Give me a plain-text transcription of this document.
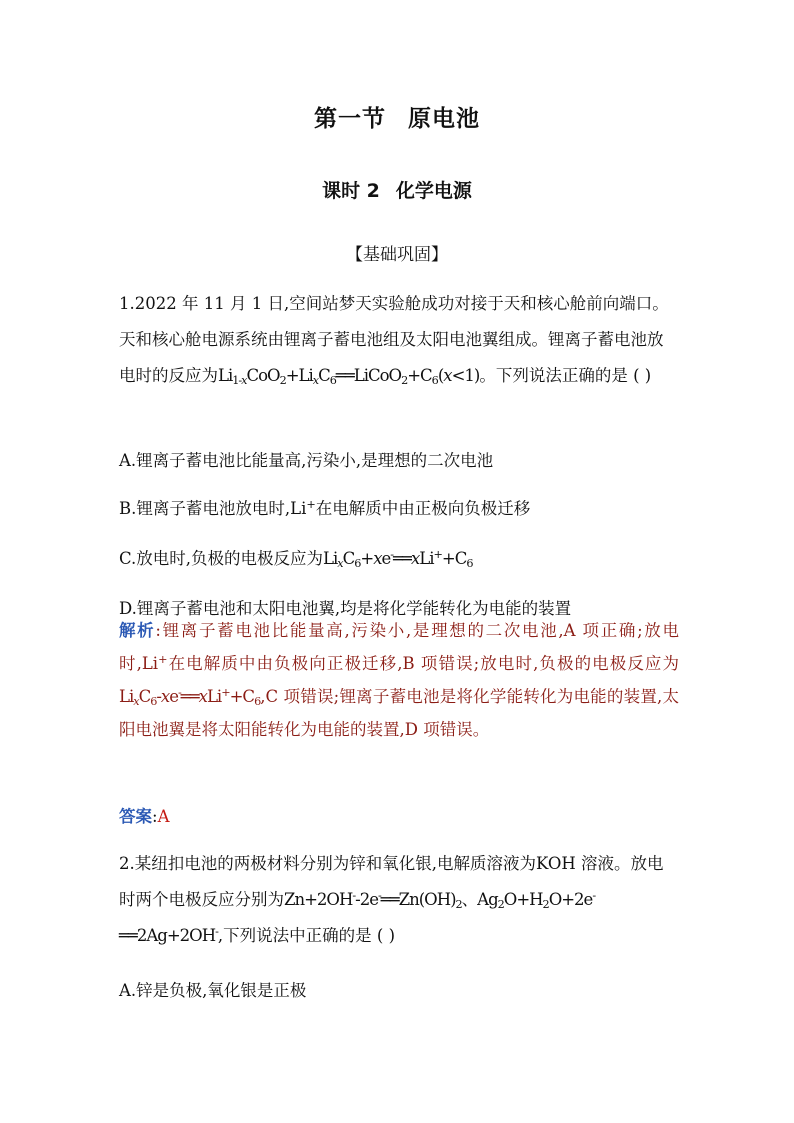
第一节 原电池
课时 2 化学电源
【基础巩固】
1.2022 年 11 月 1 日,空间站梦天实验舱成功对接于天和核心舱前向端口。天和核心舱电源系统由锂离子蓄电池组及太阳电池翼组成。锂离子蓄电池放电时的反应为$Li_{1-x}CoO_2+Li_xC_6══LiCoO_2+C_6(x<1)$。下列说法正确的是 ( )
A.锂离子蓄电池比能量高,污染小,是理想的二次电池
B.锂离子蓄电池放电时,Li+在电解质中由正极向负极迁移
C.放电时,负极的电极反应为$Li_xC_6+xe^-══xLi^++C_6$
D.锂离子蓄电池和太阳电池翼,均是将化学能转化为电能的装置
解析:锂离子蓄电池比能量高,污染小,是理想的二次电池,A 项正确;放电时,Li+在电解质中由负极向正极迁移,B 项错误;放电时,负极的电极反应为 $Li_xC_6-xe^-══xLi^++C_6,C$ 项错误;锂离子蓄电池是将化学能转化为电能的装置,太阳电池翼是将太阳能转化为电能的装置,D 项错误。
答案:A
2.某纽扣电池的两极材料分别为锌和氧化银,电解质溶液为KOH 溶液。放电时两个电极反应分别为$Zn+2OH^--2e^-══Zn(OH)_2$、$Ag_2O+H_2O+2e^-══2Ag+2OH^-$,下列说法中正确的是 ( )
A.锌是负极,氧化银是正极
